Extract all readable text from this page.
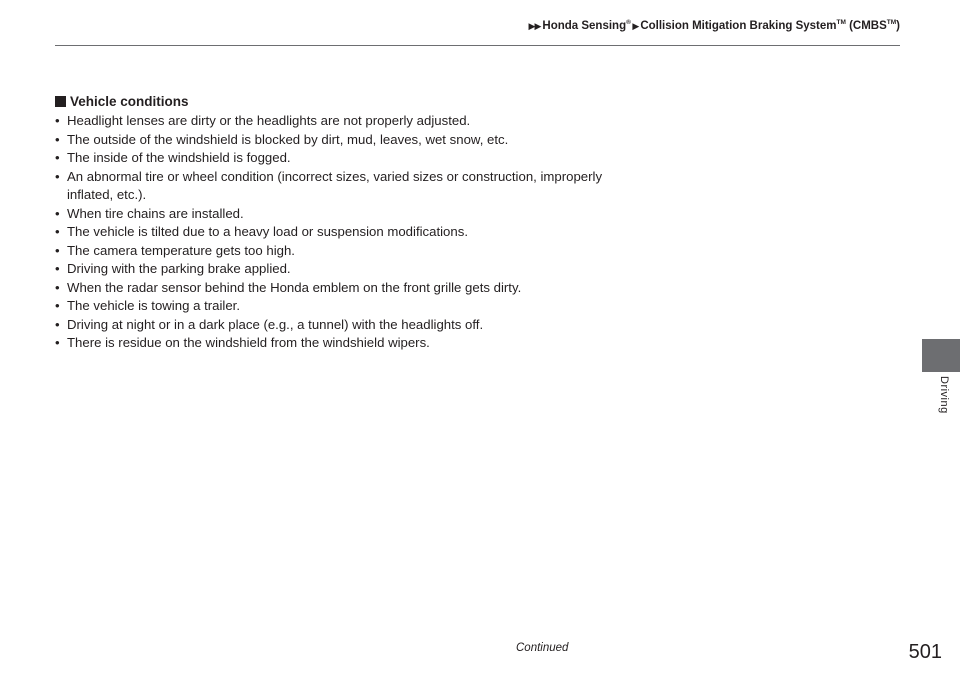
▶▶ Honda Sensing® ▶ Collision Mitigation Braking System™ (CMBS™)
Vehicle conditions
• Headlight lenses are dirty or the headlights are not properly adjusted.
• The outside of the windshield is blocked by dirt, mud, leaves, wet snow, etc.
• The inside of the windshield is fogged.
• An abnormal tire or wheel condition (incorrect sizes, varied sizes or construction, improperly inflated, etc.).
• When tire chains are installed.
• The vehicle is tilted due to a heavy load or suspension modifications.
• The camera temperature gets too high.
• Driving with the parking brake applied.
• When the radar sensor behind the Honda emblem on the front grille gets dirty.
• The vehicle is towing a trailer.
• Driving at night or in a dark place (e.g., a tunnel) with the headlights off.
• There is residue on the windshield from the windshield wipers.
Driving
Continued	501
